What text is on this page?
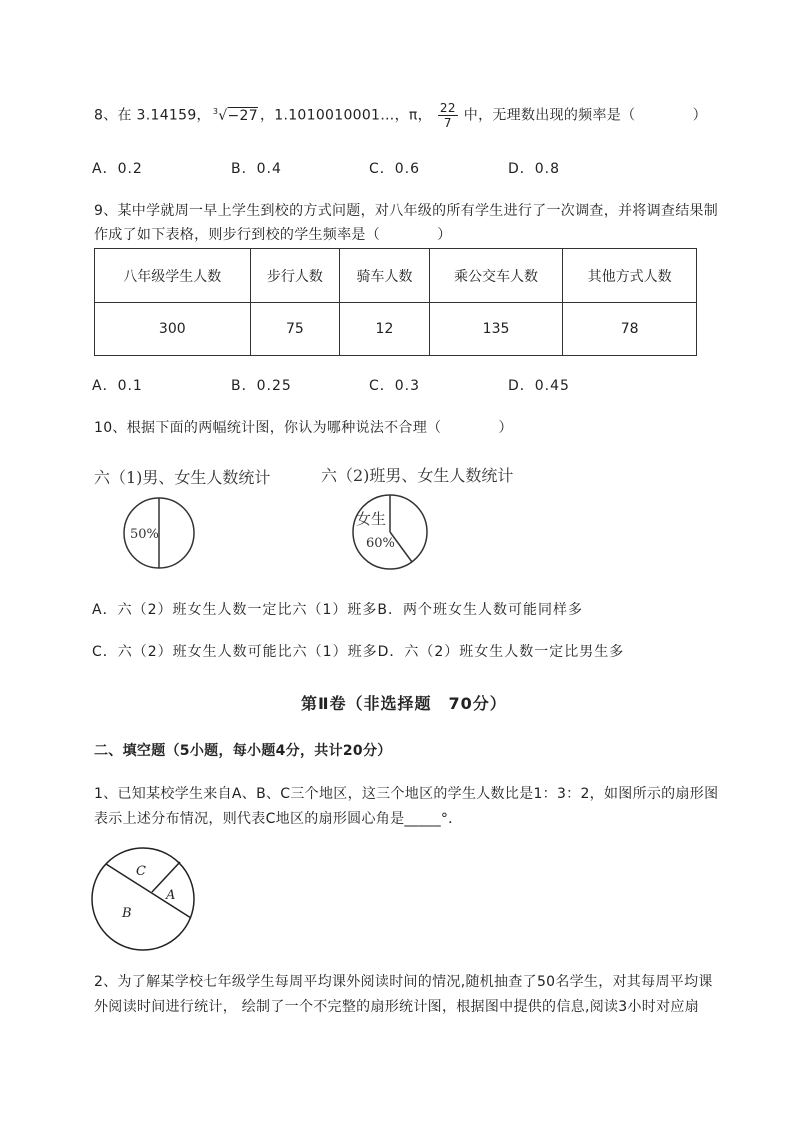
8、在 3.14159， $^3$√−27 ，1.1010010001…，π， $\frac{22}{7}$ 中，无理数出现的频率是（　　　　）
A．0.2	B．0.4	C．0.6	D．0.8
9、某中学就周一早上学生到校的方式问题，对八年级的所有学生进行了一次调查，并将调查结果制
作成了如下表格，则步行到校的学生频率是（　　　　）
八年级学生人数	步行人数	骑车人数	乘公交车人数	其他方式人数
300	75	12	135	78
A．0.1	B．0.25	C．0.3	D．0.45
10、根据下面的两幅统计图，你认为哪种说法不合理（　　　　）
六（1)男、女生人数统计
50%
六（2)班男、女生人数统计
女生
60%
A．六（2）班女生人数一定比六（1）班多B．两个班女生人数可能同样多
C．六（2）班女生人数可能比六（1）班多D．六（2）班女生人数一定比男生多
第Ⅱ卷（非选择题　70分）
二、填空题（5小题，每小题4分，共计20分）
1、已知某校学生来自A、B、C三个地区，这三个地区的学生人数比是1：3：2，如图所示的扇形图
表示上述分布情况，则代表C地区的扇形圆心角是_____°．
C
A
B
2、为了解某学校七年级学生每周平均课外阅读时间的情况,随机抽查了50名学生，对其每周平均课
外阅读时间进行统计， 绘制了一个不完整的扇形统计图，根据图中提供的信息,阅读3小时对应扇
